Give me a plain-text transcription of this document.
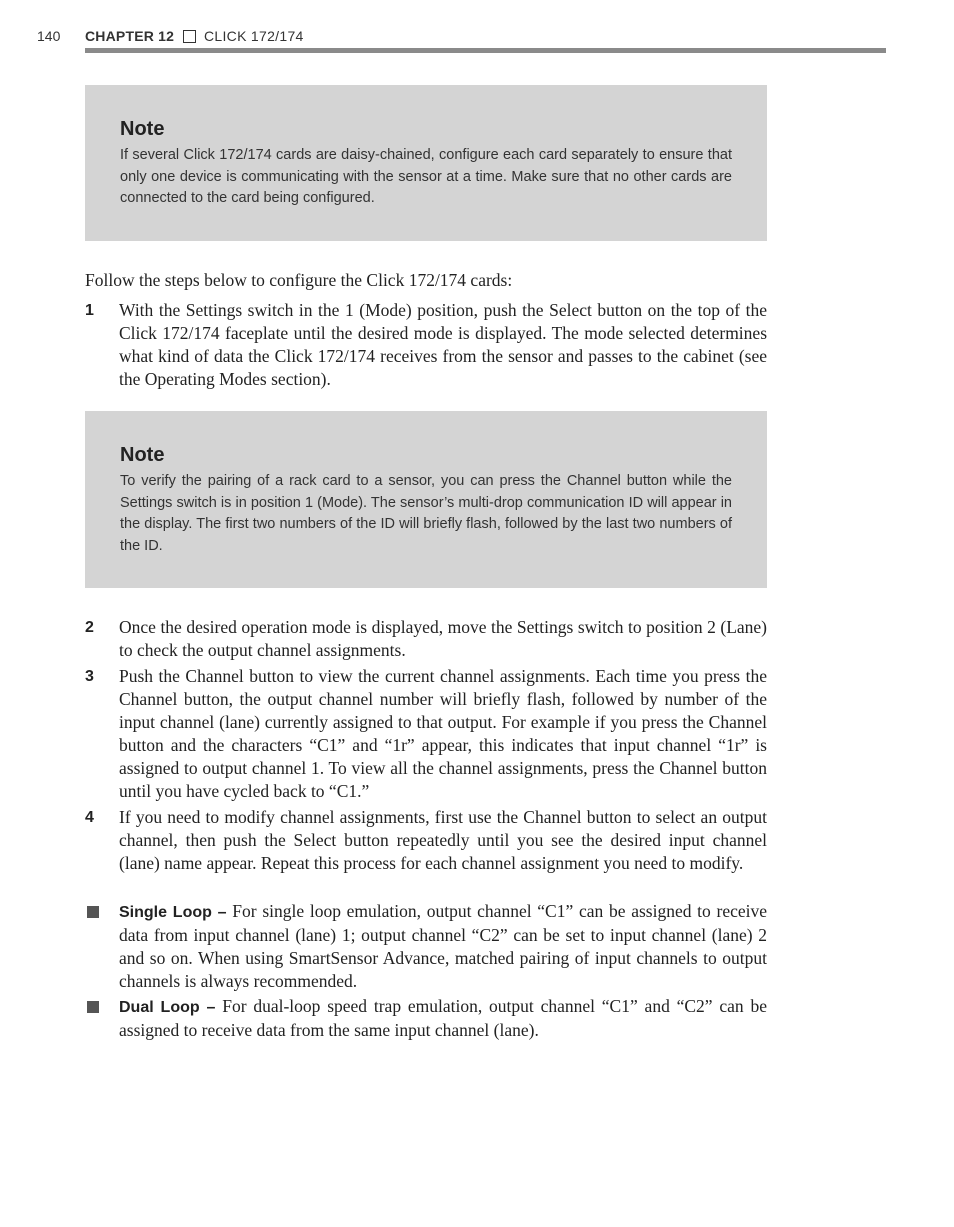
140 CHAPTER 12 CLICK 172/174

Note

If several Click 172/174 cards are daisy-chained, configure each card separately to ensure that only one device is communicating with the sensor at a time. Make sure that no other cards are connected to the card being configured.

Follow the steps below to configure the Click 172/174 cards:

1 With the Settings switch in the 1 (Mode) position, push the Select button on the top of the Click 172/174 faceplate until the desired mode is displayed. The mode selected determines what kind of data the Click 172/174 receives from the sensor and passes to the cabinet (see the Operating Modes section).

Note

To verify the pairing of a rack card to a sensor, you can press the Channel button while the Settings switch is in position 1 (Mode). The sensor’s multi-drop communication ID will appear in the display. The first two numbers of the ID will briefly flash, followed by the last two numbers of the ID.

2 Once the desired operation mode is displayed, move the Settings switch to position 2 (Lane) to check the output channel assignments.
3 Push the Channel button to view the current channel assignments. Each time you press the Channel button, the output channel number will briefly flash, followed by number of the input channel (lane) currently assigned to that output. For example if you press the Channel button and the characters “C1” and “1r” appear, this indicates that input channel “1r” is assigned to output channel 1. To view all the channel assignments, press the Channel button until you have cycled back to “C1.”
4 If you need to modify channel assignments, first use the Channel button to select an output channel, then push the Select button repeatedly until you see the desired input channel (lane) name appear. Repeat this process for each channel assignment you need to modify.
Single Loop – For single loop emulation, output channel “C1” can be assigned to receive data from input channel (lane) 1; output channel “C2” can be set to input channel (lane) 2 and so on. When using SmartSensor Advance, matched pairing of input channels to output channels is always recommended.
Dual Loop – For dual-loop speed trap emulation, output channel “C1” and “C2” can be assigned to receive data from the same input channel (lane).
